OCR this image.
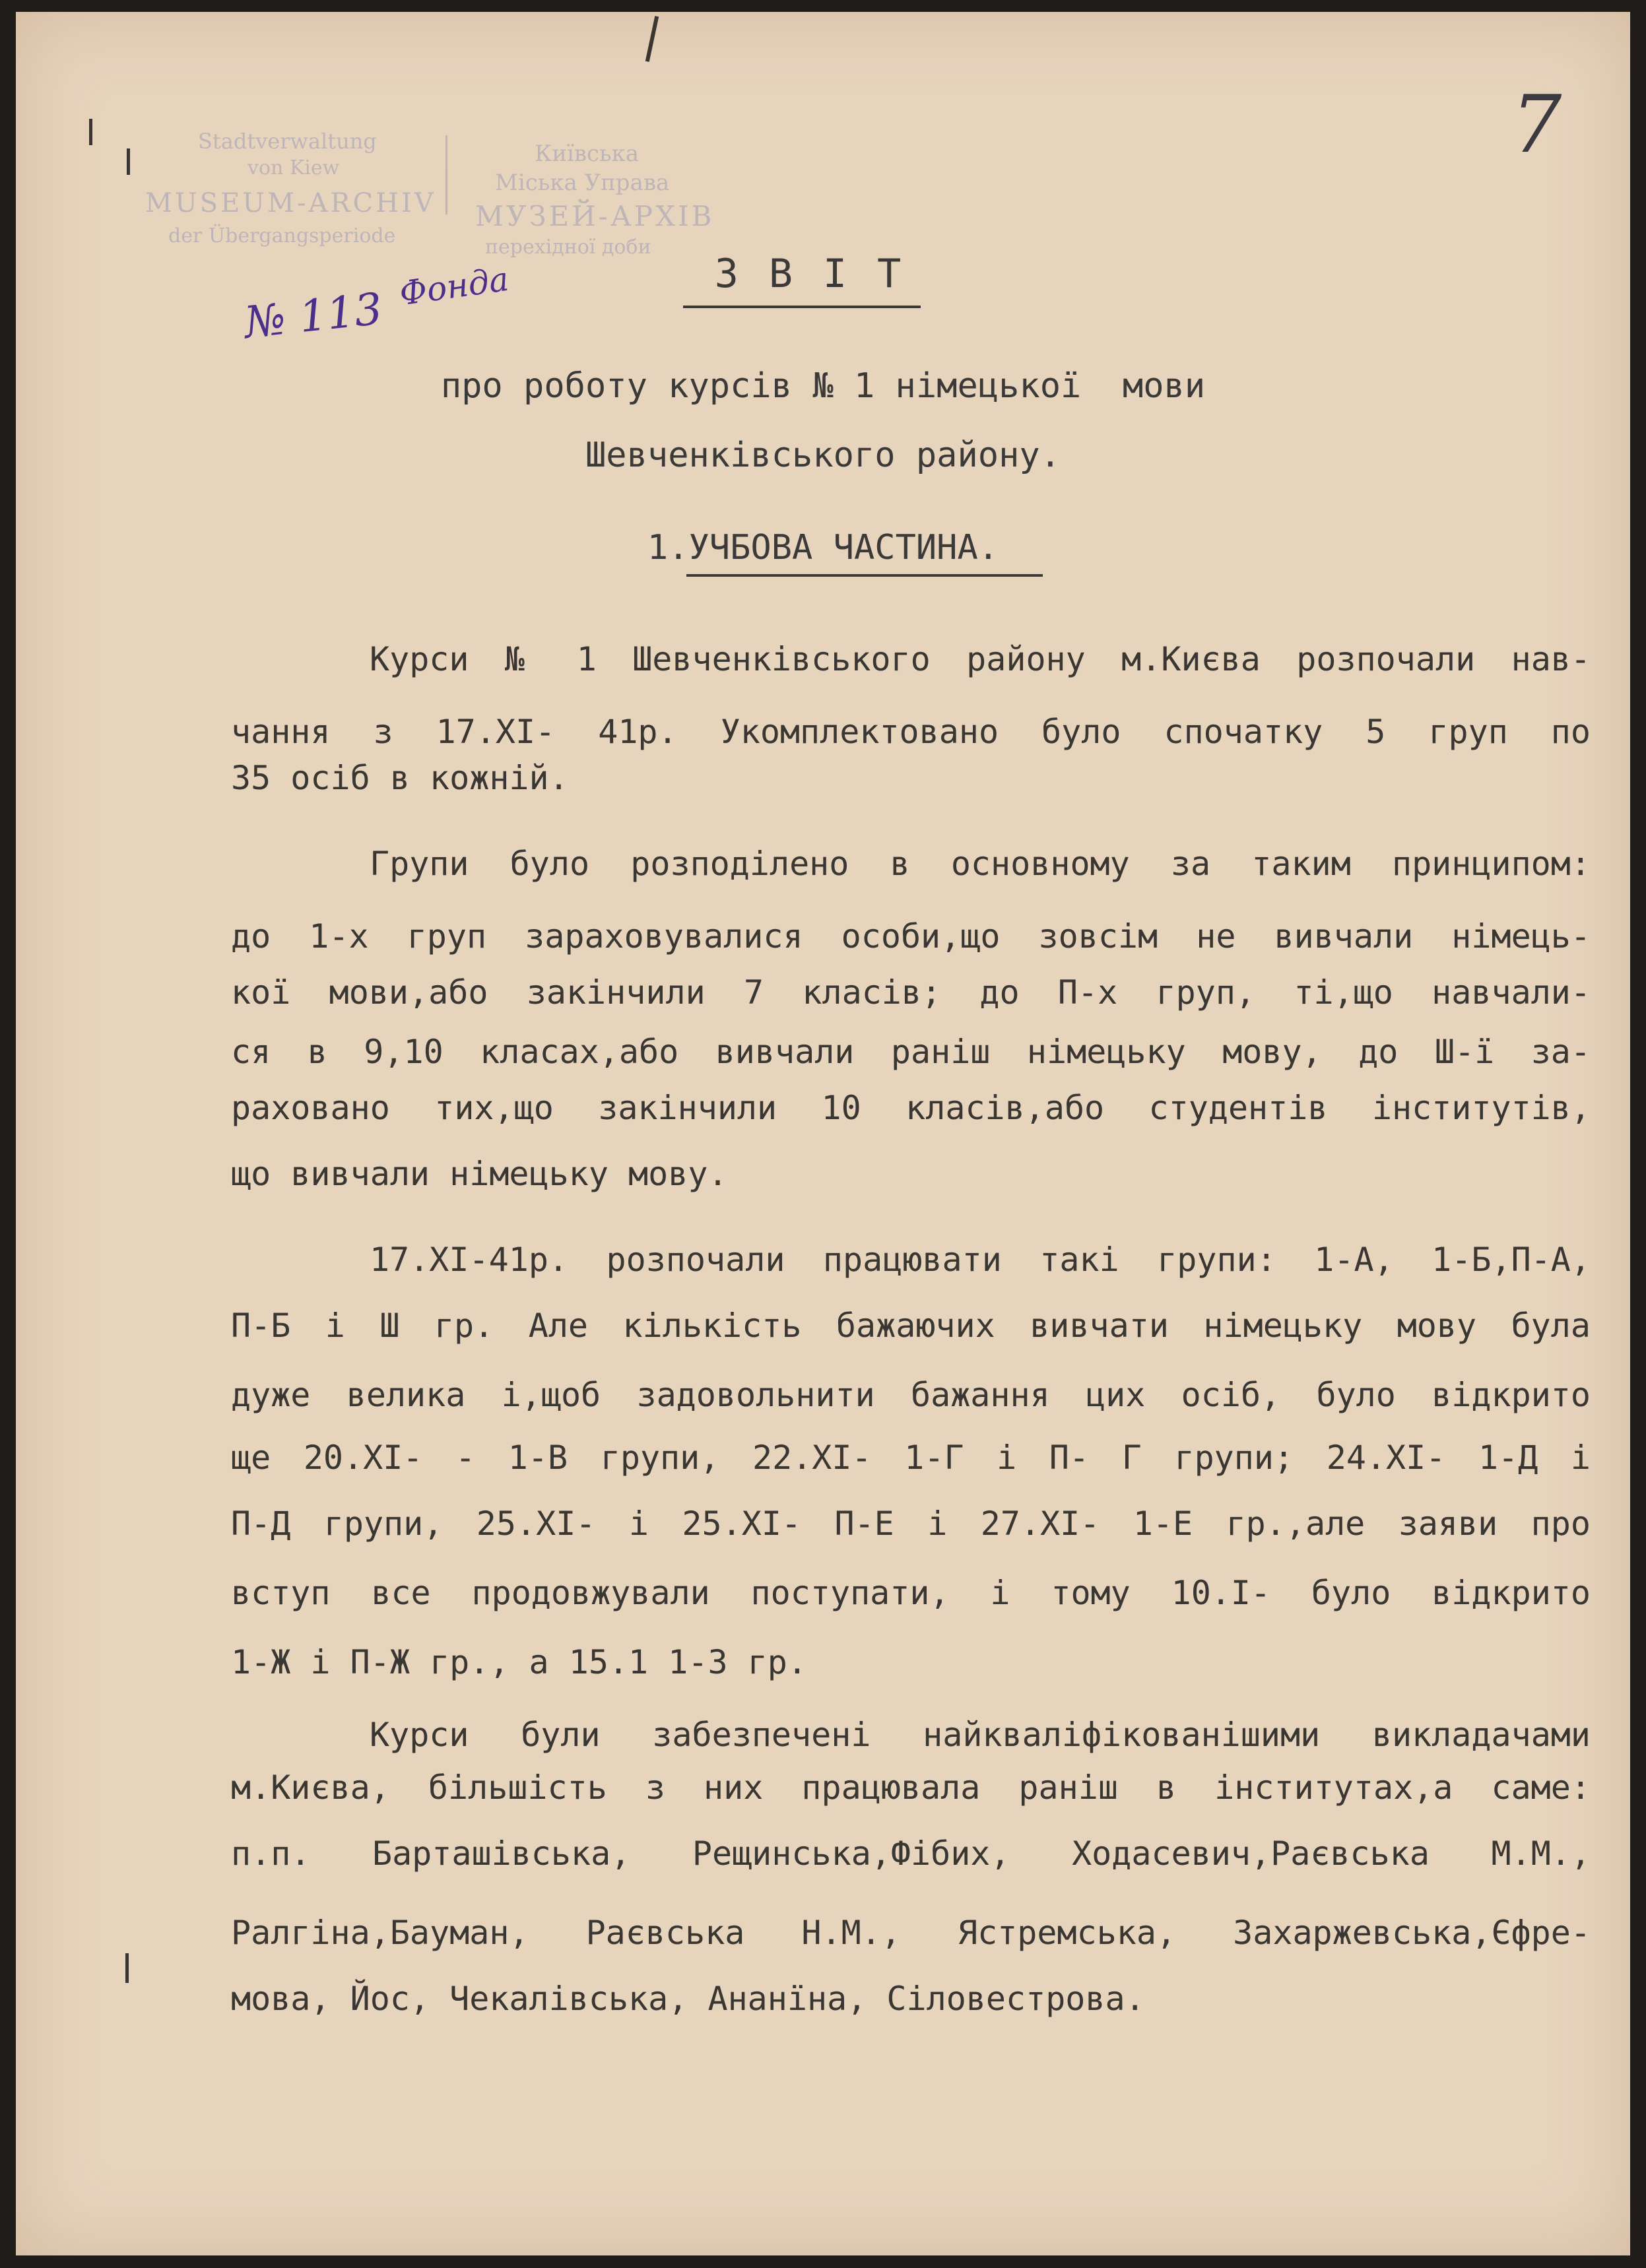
Stadtverwaltung
von Kiew
MUSEUM-ARCHIV
der Übergangsperiode
Київська
Міська Управа
МУЗЕЙ-АРХІВ
перехідної доби
Фонда
№ 113
7
ЗВІТ
про роботу курсів № 1 німецької  мови
Шевченківського району.
1.УЧБОВА ЧАСТИНА.
Курси № 1 Шевченківського району м.Києва розпочали нав-
чання з 17.ХІ- 41р. Укомплектовано було спочатку 5 груп по
35 осіб в кожній.
Групи було розподілено в основному за таким принципом:
до 1-х груп зараховувалися особи,що зовсім не вивчали німець-
кої мови,або закінчили 7 класів; до П-х груп, ті,що навчали-
ся в 9,10 класах,або вивчали раніш німецьку мову, до Ш-ї за-
раховано тих,що закінчили 10 класів,або студентів інститутів,
що вивчали німецьку мову.
17.ХІ-41р. розпочали працювати такі групи: 1-А, 1-Б,П-А,
П-Б і Ш гр. Але кількість бажаючих вивчати німецьку мову була
дуже велика і,щоб задовольнити бажання цих осіб, було відкрито
ще 20.ХІ- - 1-В групи, 22.ХІ- 1-Г і П- Г групи; 24.ХІ- 1-Д і
П-Д групи, 25.ХІ- і 25.ХІ- П-Е і 27.ХІ- 1-Е гр.,але заяви про
вступ все продовжували поступати, і тому 10.І- було відкрито
1-Ж і П-Ж гр., а 15.1 1-З гр.
Курси були забезпечені найкваліфікованішими викладачами
м.Києва, більшість з них працювала раніш в інститутах,а саме:
п.п. Барташівська, Рещинська,Фібих, Ходасевич,Раєвська М.М.,
Ралгіна,Бауман, Раєвська Н.М., Ястремська, Захаржевська,Єфре-
мова, Йос, Чекалівська, Ананїна, Сіловестрова.
